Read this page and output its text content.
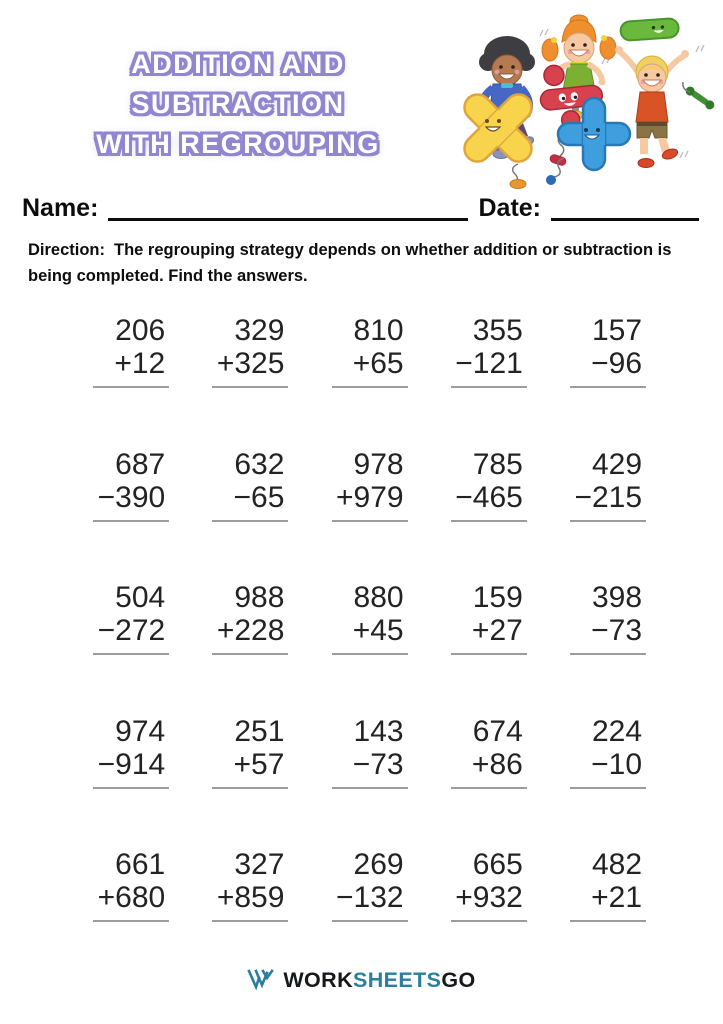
ADDITION AND SUBTRACTION
WITH REGROUPING
Name:	Date:
Direction: The regrouping strategy depends on whether addition or subtraction is being completed. Find the answers.
206
+12
329
+325
810
+65
355
−121
157
−96
687
−390
632
−65
978
+979
785
−465
429
−215
504
−272
988
+228
880
+45
159
+27
398
−73
974
−914
251
+57
143
−73
674
+86
224
−10
661
+680
327
+859
269
−132
665
+932
482
+21
WORKSHEETSGO
